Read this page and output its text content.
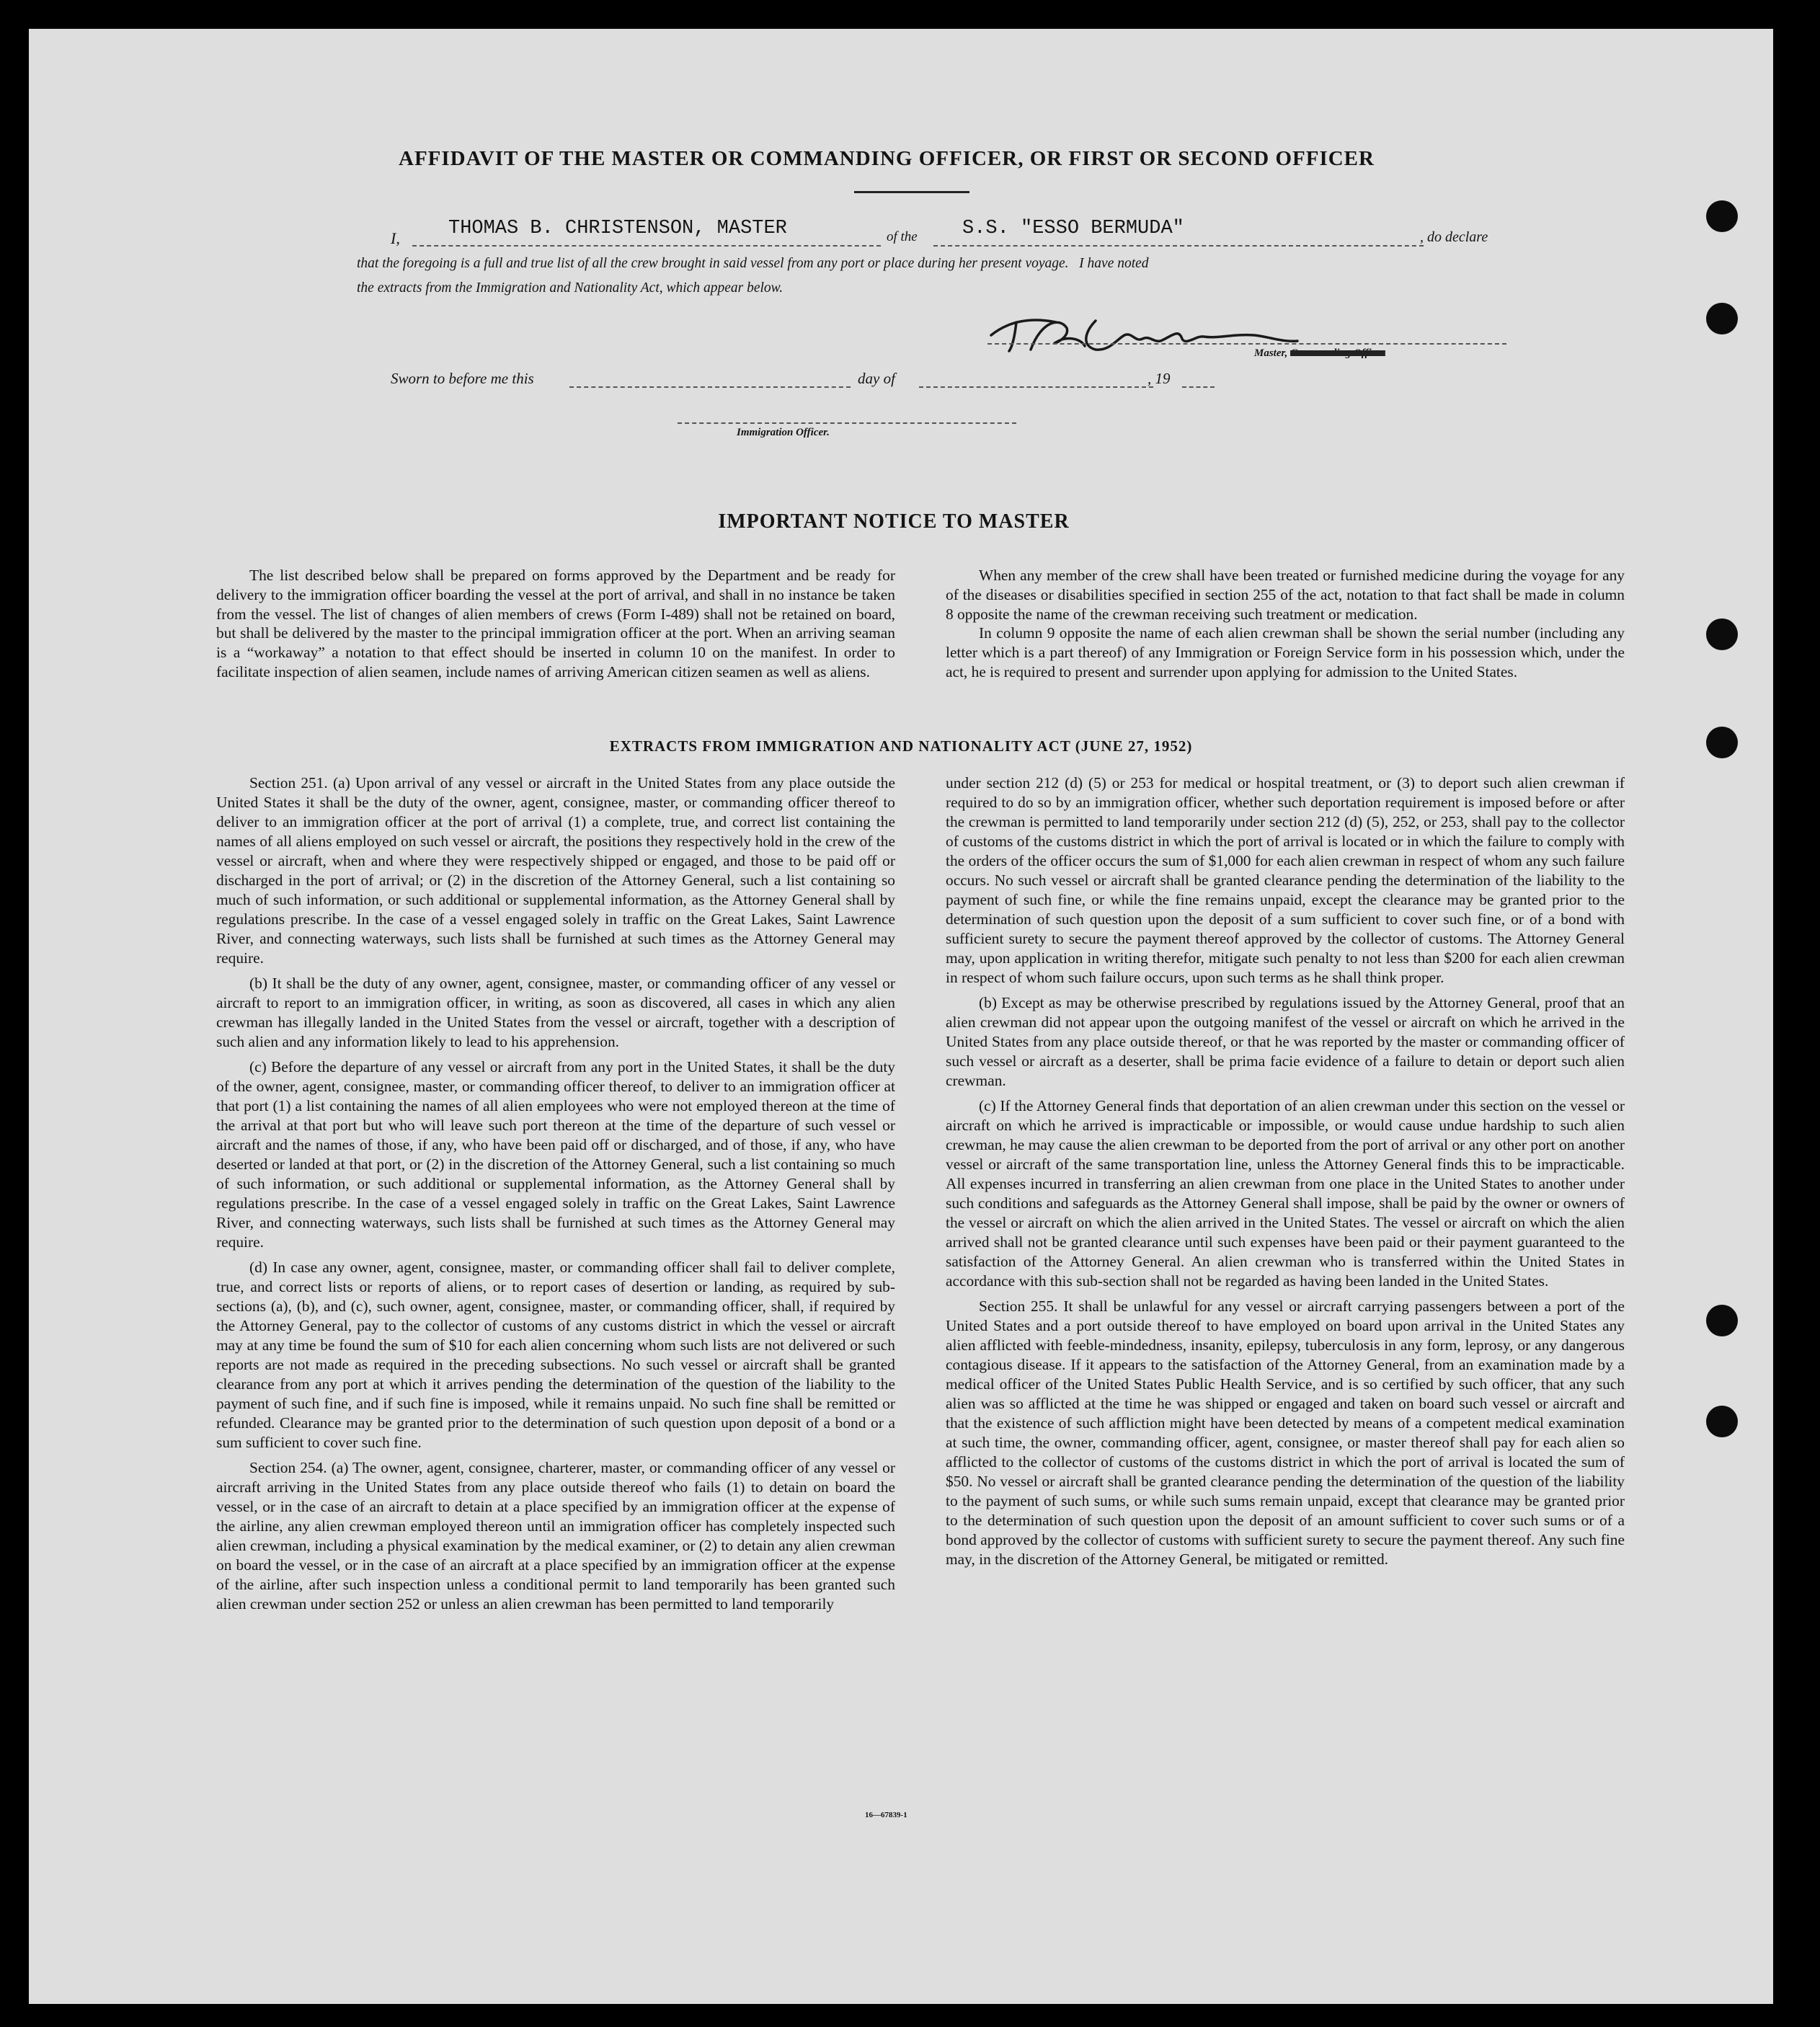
AFFIDAVIT OF THE MASTER OR COMMANDING OFFICER, OR FIRST OR SECOND OFFICER
I, THOMAS B. CHRISTENSON, MASTER	of the S.S. "ESSO BERMUDA"	, do declare
that the foregoing is a full and true list of all the crew brought in said vessel from any port or place during her present voyage.   I have noted
the extracts from the Immigration and Nationality Act, which appear below.
Master, Commanding Officer
Sworn to before me this	day of	, 19
Immigration Officer.
IMPORTANT NOTICE TO MASTER

The list described below shall be prepared on forms approved by the Department and be ready for delivery to the immigration officer boarding the vessel at the port of arrival, and shall in no instance be taken from the vessel. The list of changes of alien members of crews (Form I-489) shall not be retained on board, but shall be delivered by the master to the principal immigration officer at the port. When an arriving seaman is a “workaway” a notation to that effect should be inserted in column 10 on the manifest. In order to facilitate inspection of alien seamen, include names of arriving American citizen seamen as well as aliens.

When any member of the crew shall have been treated or furnished medicine during the voyage for any of the diseases or disabilities specified in section 255 of the act, notation to that fact shall be made in column 8 opposite the name of the crewman receiving such treatment or medication.

In column 9 opposite the name of each alien crewman shall be shown the serial number (including any letter which is a part thereof) of any Immigration or Foreign Service form in his possession which, under the act, he is required to present and surrender upon applying for admission to the United States.

EXTRACTS FROM IMMIGRATION AND NATIONALITY ACT (JUNE 27, 1952)

Section 251. (a) Upon arrival of any vessel or aircraft in the United States from any place outside the United States it shall be the duty of the owner, agent, consignee, master, or commanding officer thereof to deliver to an immigration officer at the port of arrival (1) a complete, true, and correct list containing the names of all aliens employed on such vessel or aircraft, the positions they respectively hold in the crew of the vessel or aircraft, when and where they were respectively shipped or engaged, and those to be paid off or discharged in the port of arrival; or (2) in the discretion of the Attorney General, such a list containing so much of such information, or such additional or supplemental information, as the Attorney General shall by regulations prescribe. In the case of a vessel engaged solely in traffic on the Great Lakes, Saint Lawrence River, and connecting waterways, such lists shall be furnished at such times as the Attorney General may require.

(b) It shall be the duty of any owner, agent, consignee, master, or commanding officer of any vessel or aircraft to report to an immigration officer, in writing, as soon as discovered, all cases in which any alien crewman has illegally landed in the United States from the vessel or aircraft, together with a description of such alien and any information likely to lead to his apprehension.

(c) Before the departure of any vessel or aircraft from any port in the United States, it shall be the duty of the owner, agent, consignee, master, or commanding officer thereof, to deliver to an immigration officer at that port (1) a list containing the names of all alien employees who were not employed thereon at the time of the arrival at that port but who will leave such port thereon at the time of the departure of such vessel or aircraft and the names of those, if any, who have been paid off or discharged, and of those, if any, who have deserted or landed at that port, or (2) in the discretion of the Attorney General, such a list containing so much of such information, or such additional or supplemental information, as the Attorney General shall by regulations prescribe. In the case of a vessel engaged solely in traffic on the Great Lakes, Saint Lawrence River, and connecting waterways, such lists shall be furnished at such times as the Attorney General may require.

(d) In case any owner, agent, consignee, master, or commanding officer shall fail to deliver complete, true, and correct lists or reports of aliens, or to report cases of desertion or landing, as required by sub-sections (a), (b), and (c), such owner, agent, consignee, master, or commanding officer, shall, if required by the Attorney General, pay to the collector of customs of any customs district in which the vessel or aircraft may at any time be found the sum of $10 for each alien concerning whom such lists are not delivered or such reports are not made as required in the preceding subsections. No such vessel or aircraft shall be granted clearance from any port at which it arrives pending the determination of the question of the liability to the payment of such fine, and if such fine is imposed, while it remains unpaid. No such fine shall be remitted or refunded. Clearance may be granted prior to the determination of such question upon deposit of a bond or a sum sufficient to cover such fine.

Section 254. (a) The owner, agent, consignee, charterer, master, or commanding officer of any vessel or aircraft arriving in the United States from any place outside thereof who fails (1) to detain on board the vessel, or in the case of an aircraft to detain at a place specified by an immigration officer at the expense of the airline, any alien crewman employed thereon until an immigration officer has completely inspected such alien crewman, including a physical examination by the medical examiner, or (2) to detain any alien crewman on board the vessel, or in the case of an aircraft at a place specified by an immigration officer at the expense of the airline, after such inspection unless a conditional permit to land temporarily has been granted such alien crewman under section 252 or unless an alien crewman has been permitted to land temporarily

under section 212 (d) (5) or 253 for medical or hospital treatment, or (3) to deport such alien crewman if required to do so by an immigration officer, whether such deportation requirement is imposed before or after the crewman is permitted to land temporarily under section 212 (d) (5), 252, or 253, shall pay to the collector of customs of the customs district in which the port of arrival is located or in which the failure to comply with the orders of the officer occurs the sum of $1,000 for each alien crewman in respect of whom any such failure occurs. No such vessel or aircraft shall be granted clearance pending the determination of the liability to the payment of such fine, or while the fine remains unpaid, except the clearance may be granted prior to the determination of such question upon the deposit of a sum sufficient to cover such fine, or of a bond with sufficient surety to secure the payment thereof approved by the collector of customs. The Attorney General may, upon application in writing therefor, mitigate such penalty to not less than $200 for each alien crewman in respect of whom such failure occurs, upon such terms as he shall think proper.

(b) Except as may be otherwise prescribed by regulations issued by the Attorney General, proof that an alien crewman did not appear upon the outgoing manifest of the vessel or aircraft on which he arrived in the United States from any place outside thereof, or that he was reported by the master or commanding officer of such vessel or aircraft as a deserter, shall be prima facie evidence of a failure to detain or deport such alien crewman.

(c) If the Attorney General finds that deportation of an alien crewman under this section on the vessel or aircraft on which he arrived is impracticable or impossible, or would cause undue hardship to such alien crewman, he may cause the alien crewman to be deported from the port of arrival or any other port on another vessel or aircraft of the same transportation line, unless the Attorney General finds this to be impracticable. All expenses incurred in transferring an alien crewman from one place in the United States to another under such conditions and safeguards as the Attorney General shall impose, shall be paid by the owner or owners of the vessel or aircraft on which the alien arrived in the United States. The vessel or aircraft on which the alien arrived shall not be granted clearance until such expenses have been paid or their payment guaranteed to the satisfaction of the Attorney General. An alien crewman who is transferred within the United States in accordance with this sub-section shall not be regarded as having been landed in the United States.

Section 255. It shall be unlawful for any vessel or aircraft carrying passengers between a port of the United States and a port outside thereof to have employed on board upon arrival in the United States any alien afflicted with feeble-mindedness, insanity, epilepsy, tuberculosis in any form, leprosy, or any dangerous contagious disease. If it appears to the satisfaction of the Attorney General, from an examination made by a medical officer of the United States Public Health Service, and is so certified by such officer, that any such alien was so afflicted at the time he was shipped or engaged and taken on board such vessel or aircraft and that the existence of such affliction might have been detected by means of a competent medical examination at such time, the owner, commanding officer, agent, consignee, or master thereof shall pay for each alien so afflicted to the collector of customs of the customs district in which the port of arrival is located the sum of $50. No vessel or aircraft shall be granted clearance pending the determination of the question of the liability to the payment of such sums, or while such sums remain unpaid, except that clearance may be granted prior to the determination of such question upon the deposit of an amount sufficient to cover such sums or of a bond approved by the collector of customs with sufficient surety to secure the payment thereof. Any such fine may, in the discretion of the Attorney General, be mitigated or remitted.

16—67839-1
